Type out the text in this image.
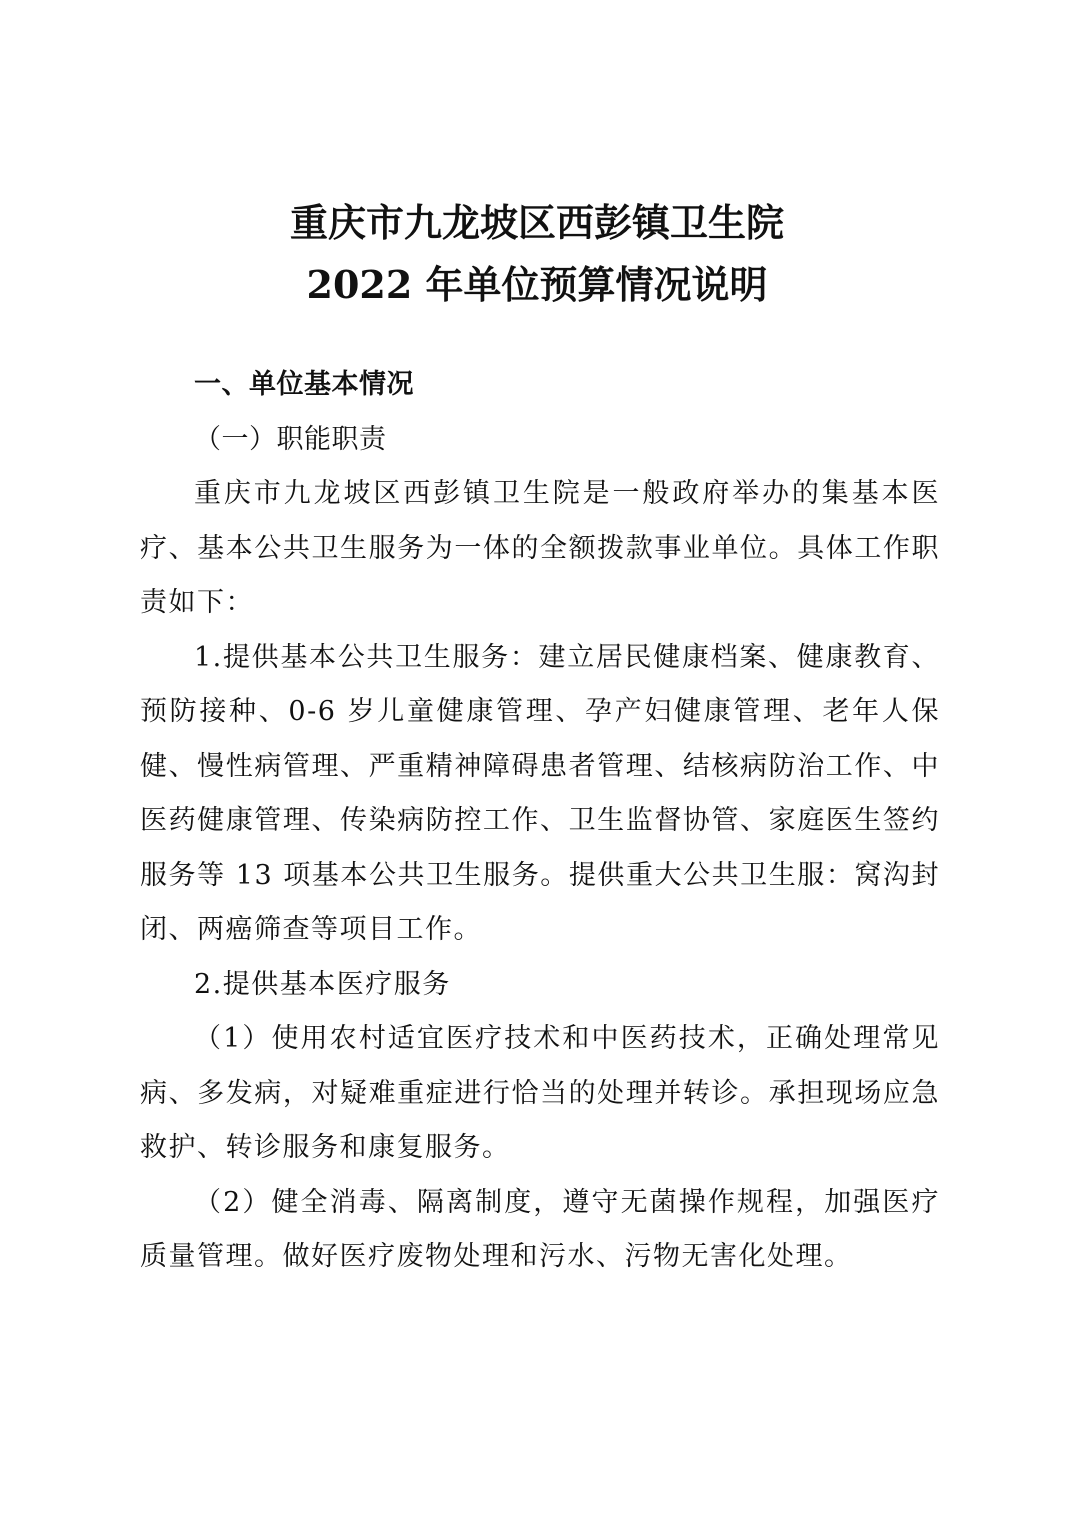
重庆市九龙坡区西彭镇卫生院
2022 年单位预算情况说明

一、单位基本情况

（一）职能职责

重庆市九龙坡区西彭镇卫生院是一般政府举办的集基本医疗、基本公共卫生服务为一体的全额拨款事业单位。具体工作职责如下：

1.提供基本公共卫生服务：建立居民健康档案、健康教育、预防接种、0-6 岁儿童健康管理、孕产妇健康管理、老年人保健、慢性病管理、严重精神障碍患者管理、结核病防治工作、中医药健康管理、传染病防控工作、卫生监督协管、家庭医生签约服务等 13 项基本公共卫生服务。提供重大公共卫生服：窝沟封闭、两癌筛查等项目工作。

2.提供基本医疗服务

（1）使用农村适宜医疗技术和中医药技术，正确处理常见病、多发病，对疑难重症进行恰当的处理并转诊。承担现场应急救护、转诊服务和康复服务。

（2）健全消毒、隔离制度，遵守无菌操作规程，加强医疗质量管理。做好医疗废物处理和污水、污物无害化处理。
